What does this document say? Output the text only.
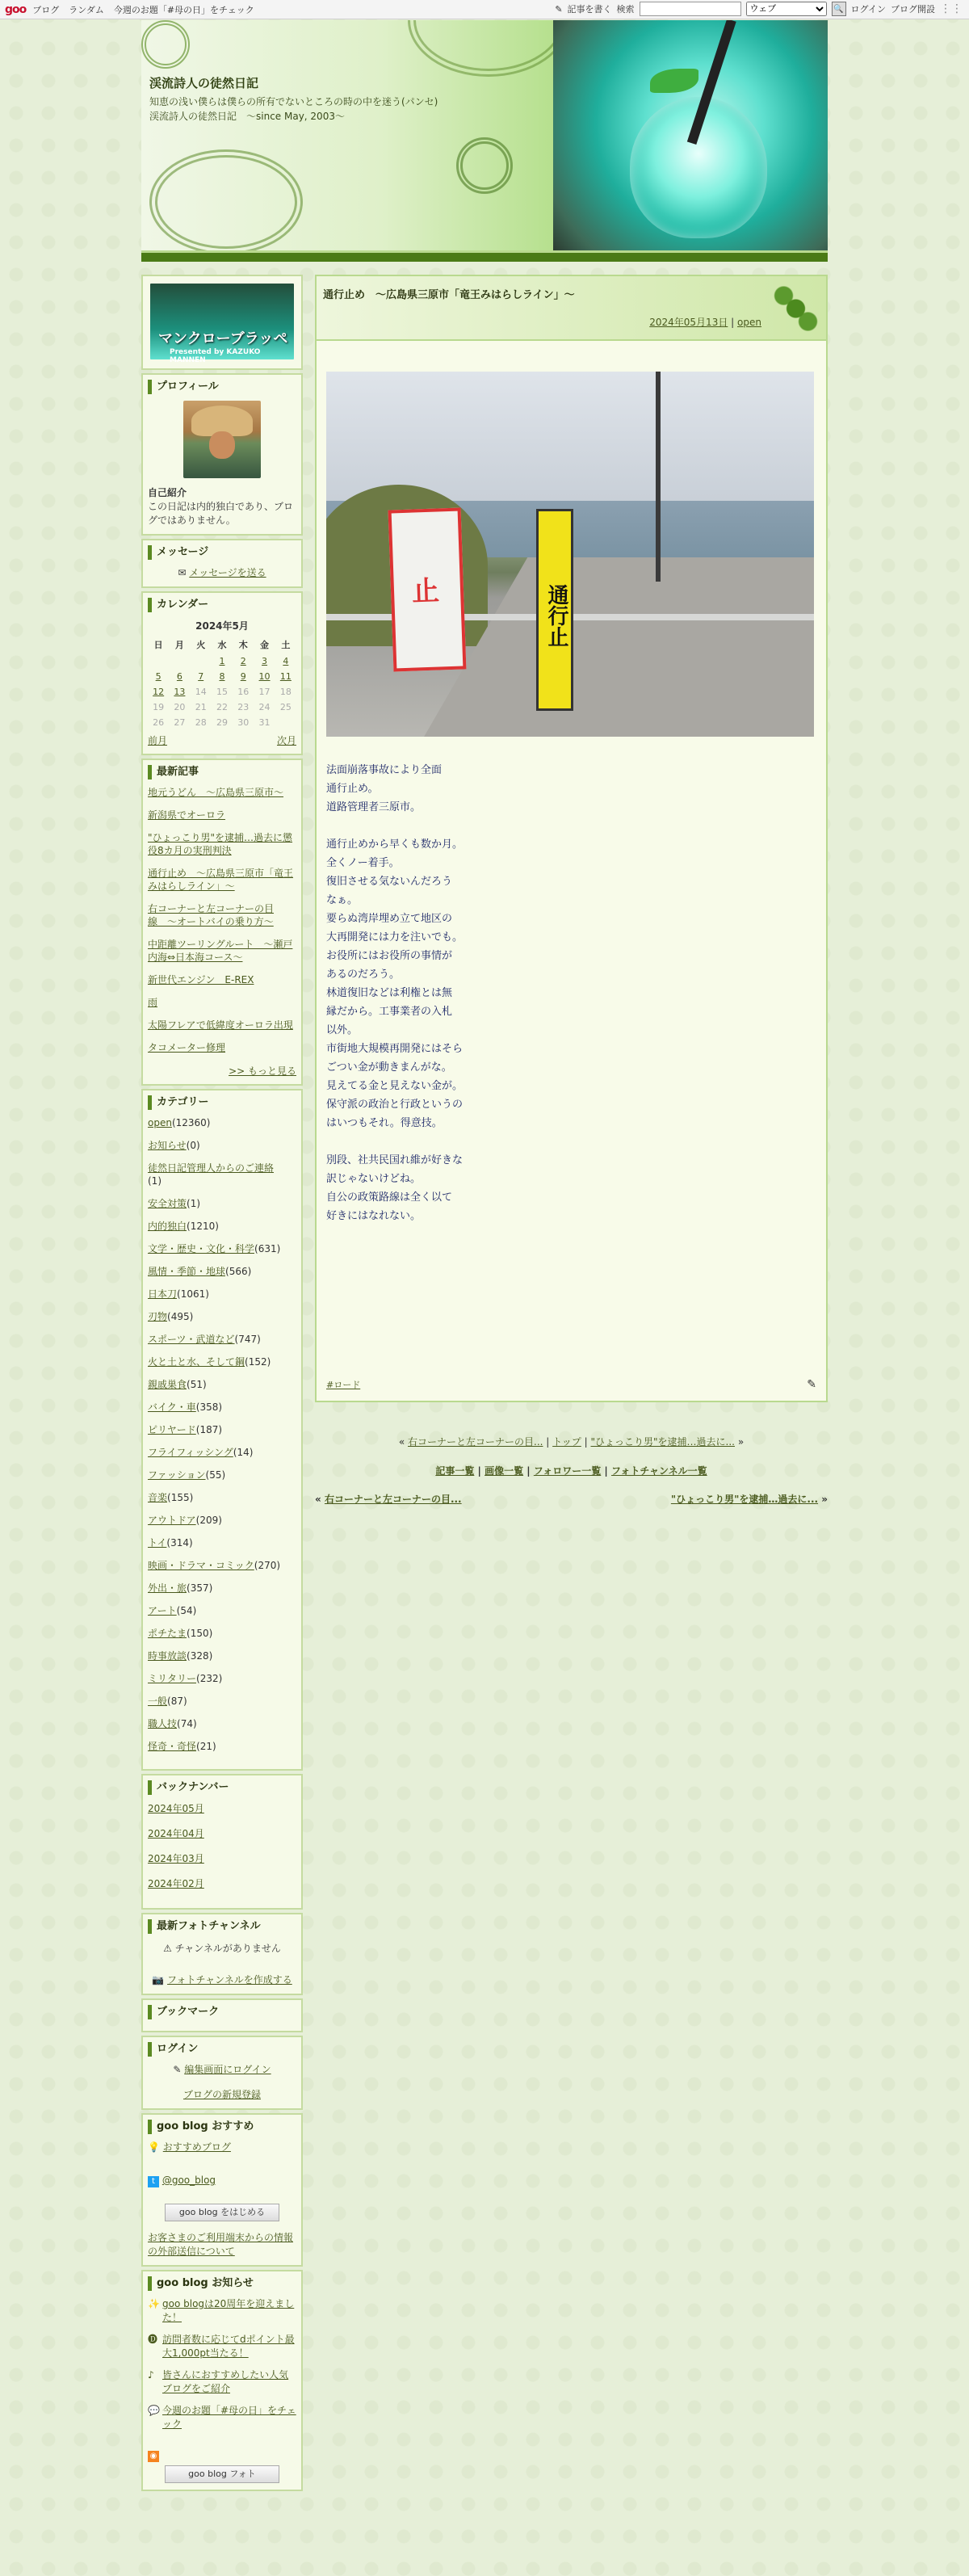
goo ブログ ランダム 今週のお題「#母の日」をチェック	✎ 記事を書く 検索
ウェブ	🔍 ログイン ブログ開設 ⋮⋮
渓流詩人の徒然日記
知恵の浅い僕らは僕らの所有でないところの時の中を迷う(パンセ)　渓流詩人の徒然日記　〜since May, 2003〜
マンクローブラッペ
Presented by KAZUKO MANNEN
プロフィール
自己紹介
この日記は内的独白であり、ブログではありません。
メッセージ
✉ メッセージを送る
カレンダー
2024年5月
日	月	火	水	木	金	土
			1	2	3	4
5	6	7	8	9	10	11
12	13	14	15	16	17	18
19	20	21	22	23	24	25
26	27	28	29	30	31	
前月	次月
最新記事
地元うどん　〜広島県三原市〜
新潟県でオーロラ
"ひょっこり男"を逮捕…過去に懲役8カ月の実刑判決
通行止め　〜広島県三原市「竜王みはらしライン」〜
右コーナーと左コーナーの目線　〜オートバイの乗り方〜
中距離ツーリングルート　〜瀬戸内海⇔日本海コース〜
新世代エンジン　E-REX
雨
太陽フレアで低緯度オーロラ出現
タコメーター修理
>> もっと見る
カテゴリー
open(12360)
お知らせ(0)
徒然日記管理人からのご連絡
(1)
安全対策(1)
内的独白(1210)
文学・歴史・文化・科学(631)
風情・季節・地球(566)
日本刀(1061)
刃物(495)
スポーツ・武道など(747)
火と土と水、そして鋼(152)
親戚巣食(51)
バイク・車(358)
ピリヤード(187)
フライフィッシング(14)
ファッション(55)
音楽(155)
アウトドア(209)
トイ(314)
映画・ドラマ・コミック(270)
外出・旅(357)
アート(54)
ポチたま(150)
時事放談(328)
ミリタリー(232)
一般(87)
職人技(74)
怪奇・奇怪(21)
バックナンバー
2024年05月
2024年04月
2024年03月
2024年02月
最新フォトチャンネル
⚠ チャンネルがありません
📷 フォトチャンネルを作成する
ブックマーク
ログイン
✎ 編集画面にログイン
ブログの新規登録
goo blog おすすめ
💡 おすすめブログ
t @goo_blog
goo blog をはじめる
お客さまのご利用端末からの情報の外部送信について
goo blog お知らせ
✨ goo blogは20周年を迎えました！
🅓 訪問者数に応じてdポイント最大1,000pt当たる！
♪ 皆さんにおすすめしたい人気ブログをご紹介
💬 今週のお題「#母の日」をチェック
◉
goo blog フォト
通行止め　〜広島県三原市「竜王みはらしライン」〜
2024年05月13日 | open
止	通行止
法面崩落事故により全面
通行止め。
道路管理者三原市。

通行止めから早くも数か月。
全くノー着手。
復旧させる気ないんだろう
なぁ。
要らぬ湾岸埋め立て地区の
大再開発には力を注いでも。
お役所にはお役所の事情が
あるのだろう。
林道復旧などは利権とは無
縁だから。工事業者の入札
以外。
市街地大規模再開発にはそら
ごつい金が動きまんがな。
見えてる金と見えない金が。
保守派の政治と行政というの
はいつもそれ。得意技。

別段、社共民国れ維が好きな
訳じゃないけどね。
自公の政策路線は全く以て
好きにはなれない。
#ロード	✎
« 右コーナーと左コーナーの目... | トップ | "ひょっこり男"を逮捕…過去に... »
記事一覧 | 画像一覧 | フォロワー一覧 | フォトチャンネル一覧
« 右コーナーと左コーナーの目...	"ひょっこり男"を逮捕…過去に... »
